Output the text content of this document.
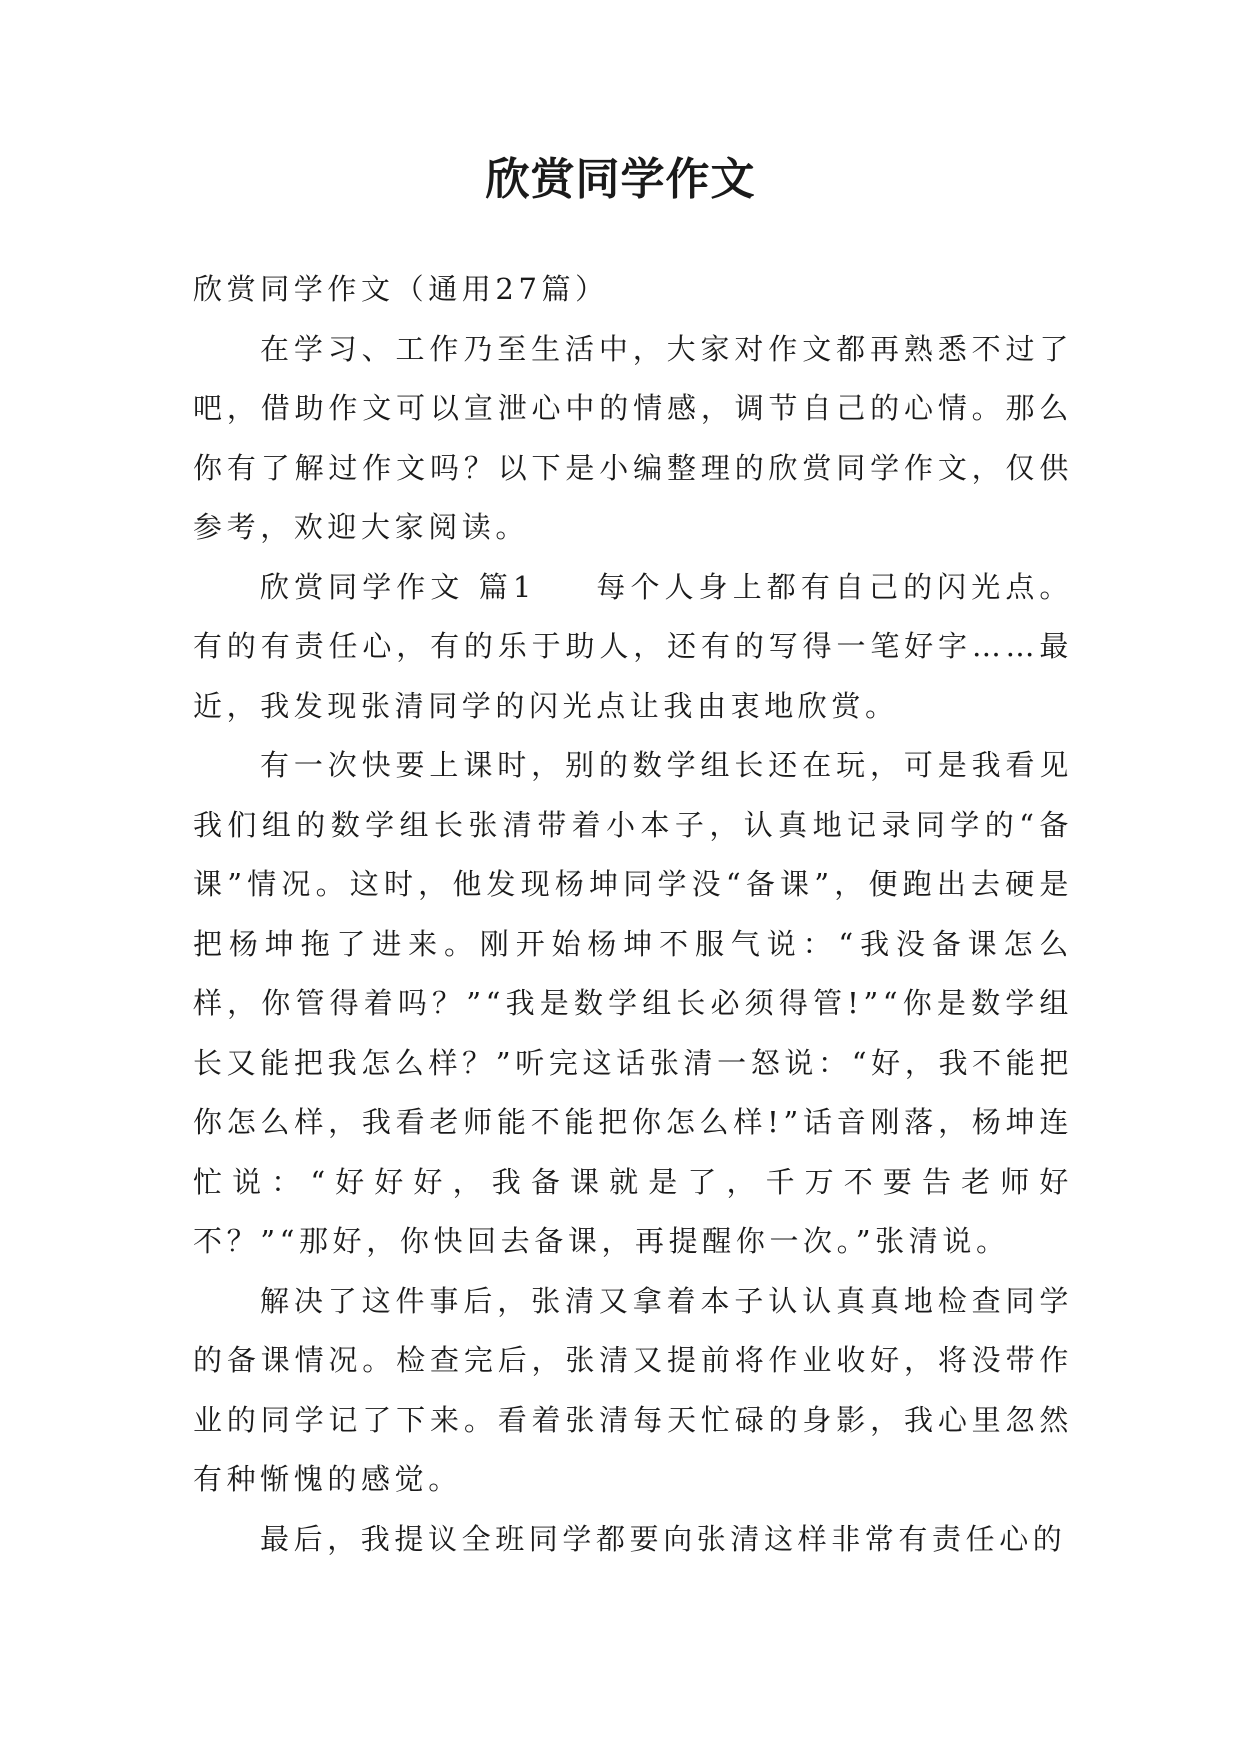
欣赏同学作文

欣赏同学作文（通用27篇）

在学习、工作乃至生活中，大家对作文都再熟悉不过了吧，借助作文可以宣泄心中的情感，调节自己的心情。那么你有了解过作文吗？以下是小编整理的欣赏同学作文，仅供参考，欢迎大家阅读。

欣赏同学作文 篇1 每个人身上都有自己的闪光点。有的有责任心，有的乐于助人，还有的写得一笔好字……最近，我发现张清同学的闪光点让我由衷地欣赏。

有一次快要上课时，别的数学组长还在玩，可是我看见我们组的数学组长张清带着小本子，认真地记录同学的“备课”情况。这时，他发现杨坤同学没“备课”，便跑出去硬是把杨坤拖了进来。刚开始杨坤不服气说：“我没备课怎么样，你管得着吗？”“我是数学组长必须得管!”“你是数学组长又能把我怎么样？”听完这话张清一怒说：“好，我不能把你怎么样，我看老师能不能把你怎么样!”话音刚落，杨坤连忙说：“好好好，我备课就是了，千万不要告老师好不？”“那好，你快回去备课，再提醒你一次。”张清说。

解决了这件事后，张清又拿着本子认认真真地检查同学的备课情况。检查完后，张清又提前将作业收好，将没带作业的同学记了下来。看着张清每天忙碌的身影，我心里忽然有种惭愧的感觉。

最后，我提议全班同学都要向张清这样非常有责任心的
